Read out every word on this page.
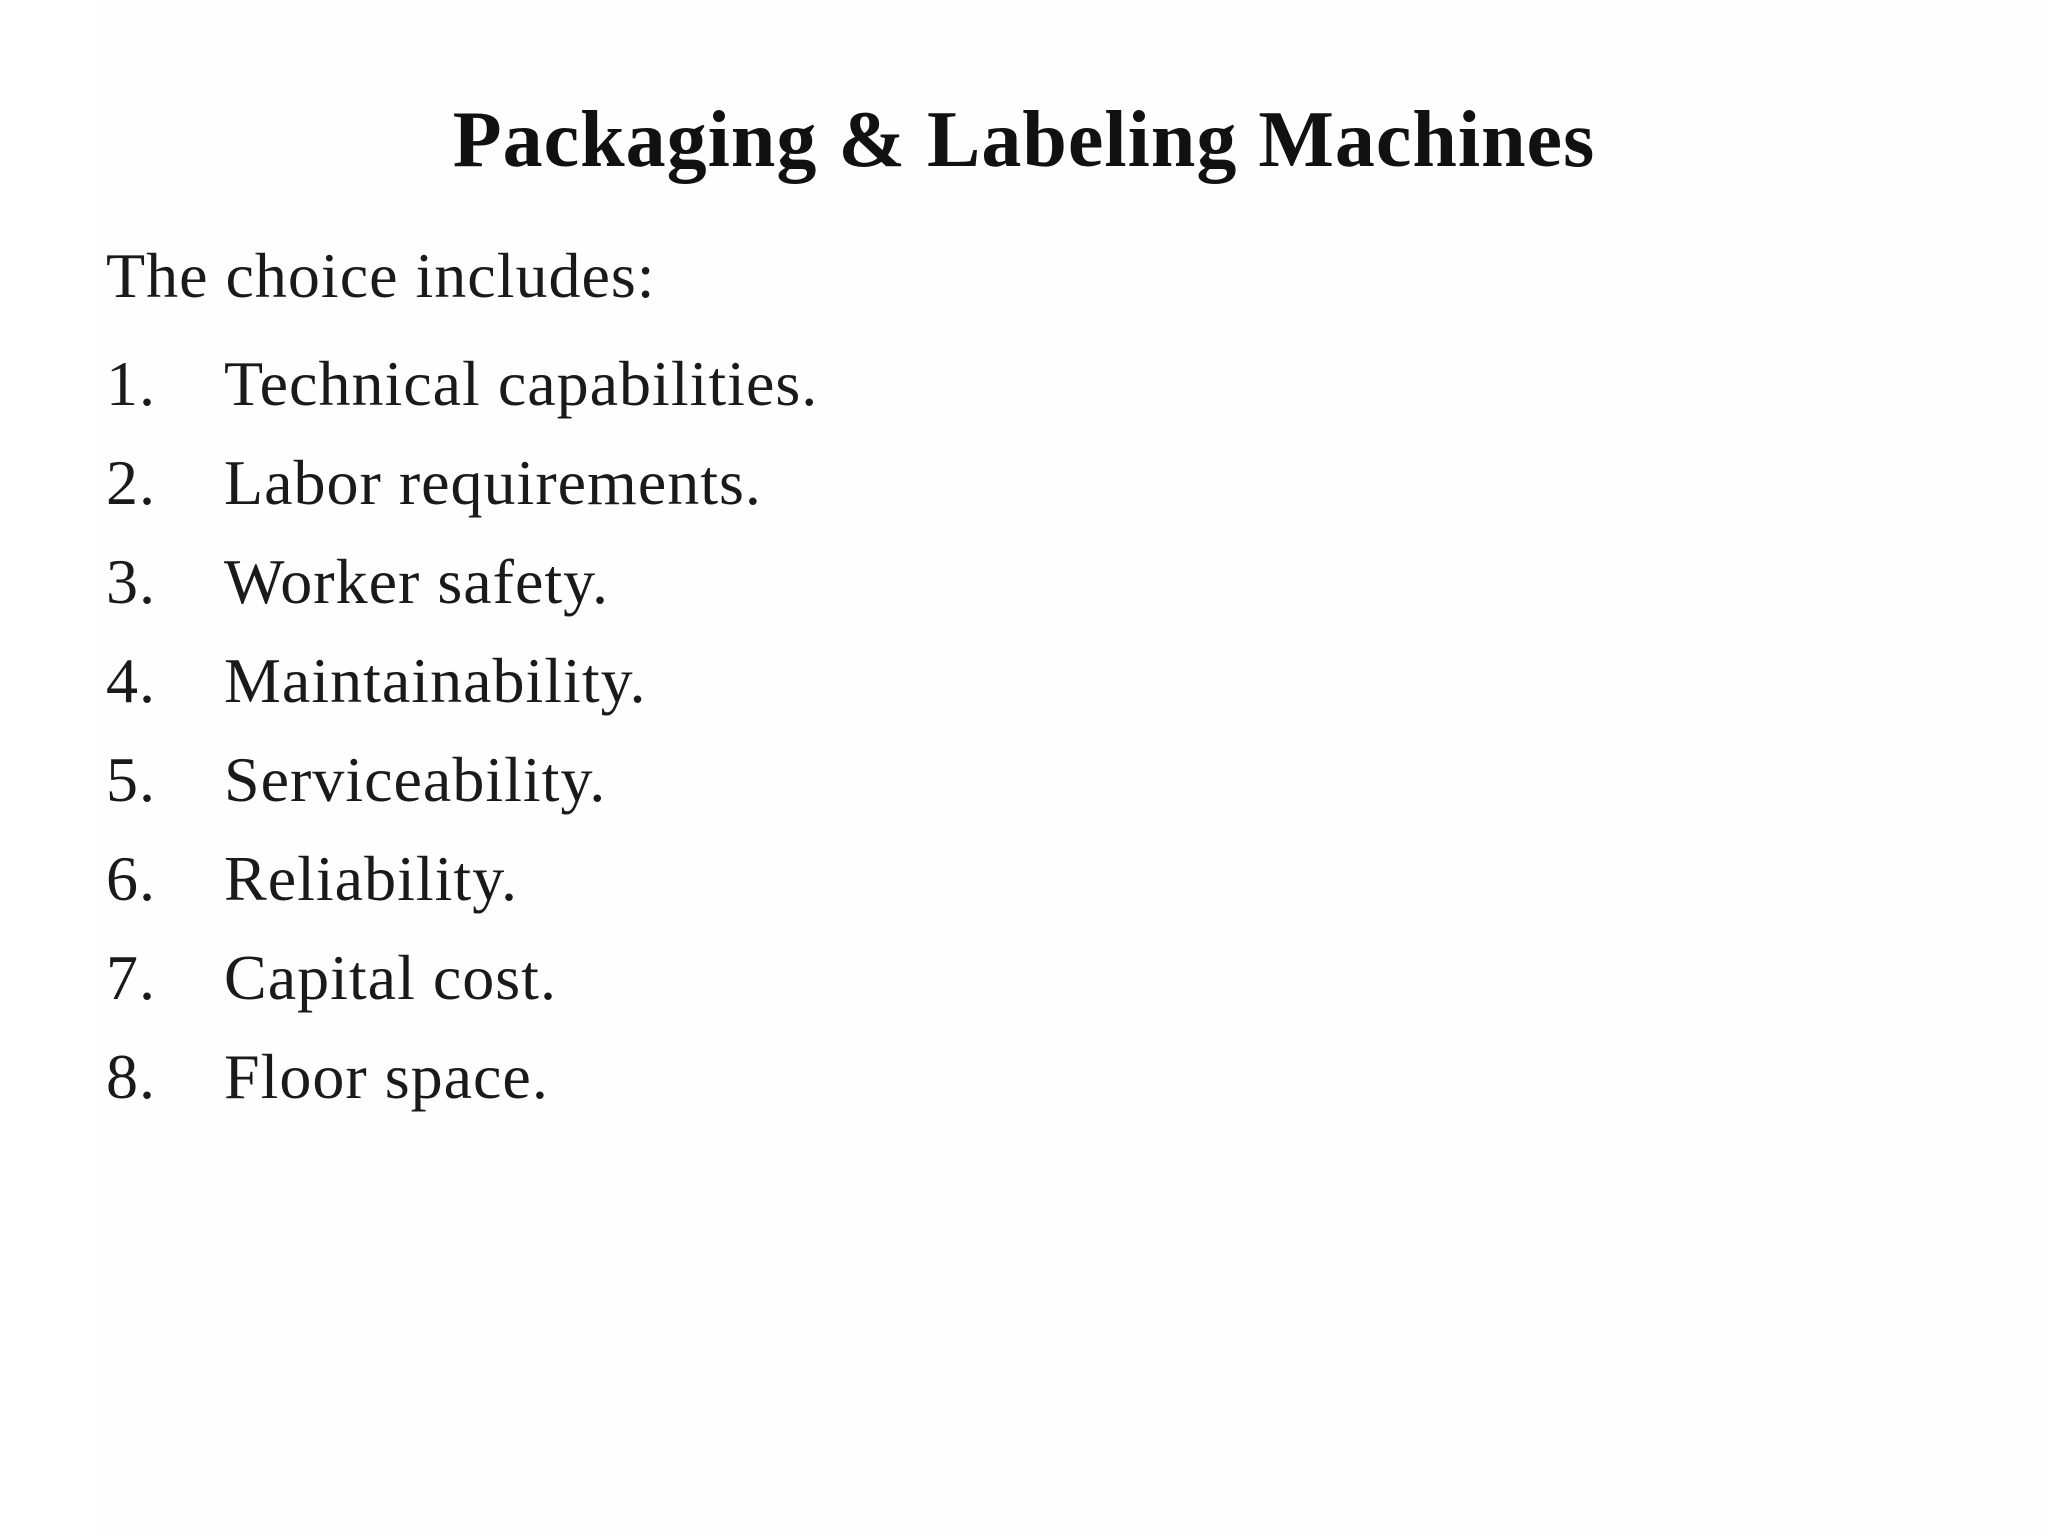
Packaging & Labeling Machines
The choice includes:
1.	Technical capabilities.
2.	Labor requirements.
3.	Worker safety.
4.	Maintainability.
5.	Serviceability.
6.	Reliability.
7.	Capital cost.
8.	Floor space.
